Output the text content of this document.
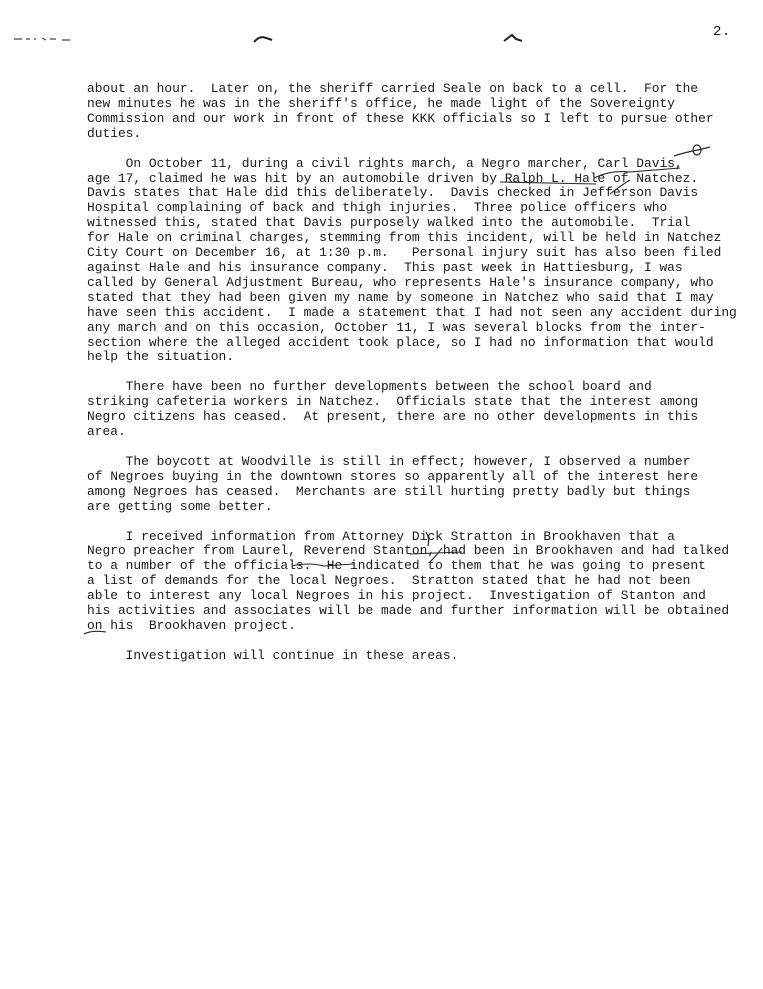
2.

about an hour.  Later on, the sheriff carried Seale on back to a cell.  For the
new minutes he was in the sheriff's office, he made light of the Sovereignty
Commission and our work in front of these KKK officials so I left to pursue other
duties.

On October 11, during a civil rights march, a Negro marcher, Carl Davis,
age 17, claimed he was hit by an automobile driven by Ralph L. Hale of Natchez.
Davis states that Hale did this deliberately.  Davis checked in Jefferson Davis
Hospital complaining of back and thigh injuries.  Three police officers who
witnessed this, stated that Davis purposely walked into the automobile.  Trial
for Hale on criminal charges, stemming from this incident, will be held in Natchez
City Court on December 16, at 1:30 p.m.   Personal injury suit has also been filed
against Hale and his insurance company.  This past week in Hattiesburg, I was
called by General Adjustment Bureau, who represents Hale's insurance company, who
stated that they had been given my name by someone in Natchez who said that I may
have seen this accident.  I made a statement that I had not seen any accident during
any march and on this occasion, October 11, I was several blocks from the inter-
section where the alleged accident took place, so I had no information that would
help the situation.

There have been no further developments between the school board and
striking cafeteria workers in Natchez.  Officials state that the interest among
Negro citizens has ceased.  At present, there are no other developments in this
area.

The boycott at Woodville is still in effect; however, I observed a number
of Negroes buying in the downtown stores so apparently all of the interest here
among Negroes has ceased.  Merchants are still hurting pretty badly but things
are getting some better.

I received information from Attorney Dick Stratton in Brookhaven that a
Negro preacher from Laurel, Reverend Stanton, had been in Brookhaven and had talked
to a number of the officials.  He indicated to them that he was going to present
a list of demands for the local Negroes.  Stratton stated that he had not been
able to interest any local Negroes in his project.  Investigation of Stanton and
his activities and associates will be made and further information will be obtained
on his  Brookhaven project.

Investigation will continue in these areas.
